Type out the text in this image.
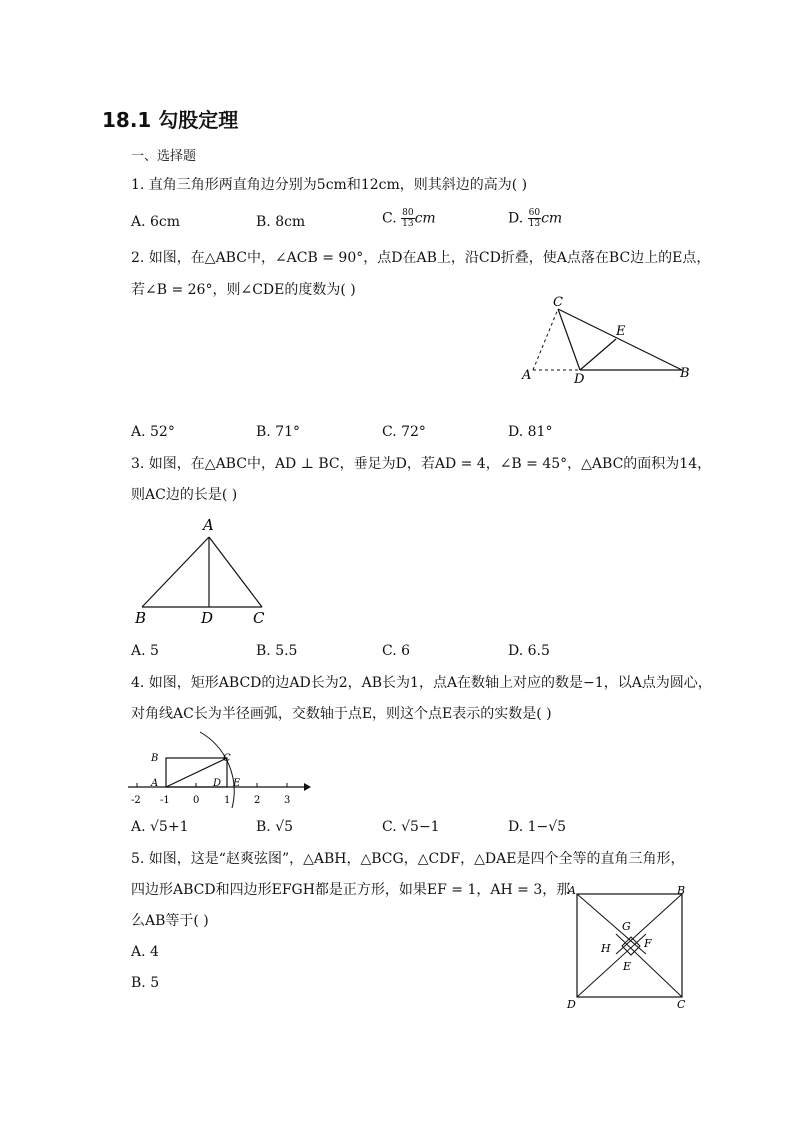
18.1 勾股定理
一、选择题
1. 直角三角形两直角边分别为5cm和12cm，则其斜边的高为( )
A. 6cm	B. 8cm	C. $\frac{80}{13}$ cm	D. $\frac{60}{13}$ cm
2. 如图，在△ABC中，∠ACB = 90°，点D在AB上，沿CD折叠，使A点落在BC边上的E点，
若∠B = 26°，则∠CDE的度数为( )
C
E
A	D	B
A. 52°	B. 71°	C. 72°	D. 81°
3. 如图，在△ABC中，AD ⊥ BC，垂足为D，若AD = 4，∠B = 45°，△ABC的面积为14，
则AC边的长是( )
A
B	D	C
A. 5	B. 5.5	C. 6	D. 6.5
4. 如图，矩形ABCD的边AD长为2，AB长为1，点A在数轴上对应的数是−1，以A点为圆心，
对角线AC长为半径画弧，交数轴于点E，则这个点E表示的实数是( )
B	C
A	D E
-2 -1 0 1 2 3
A. √5+1	B. √5	C. √5−1	D. 1−√5
5. 如图，这是“赵爽弦图”，△ABH，△BCG，△CDF，△DAE是四个全等的直角三角形，
四边形ABCD和四边形EFGH都是正方形，如果EF = 1，AH = 3，那
么AB等于( )
A. 4
B. 5
A	B
C
D
E
F
G
H
